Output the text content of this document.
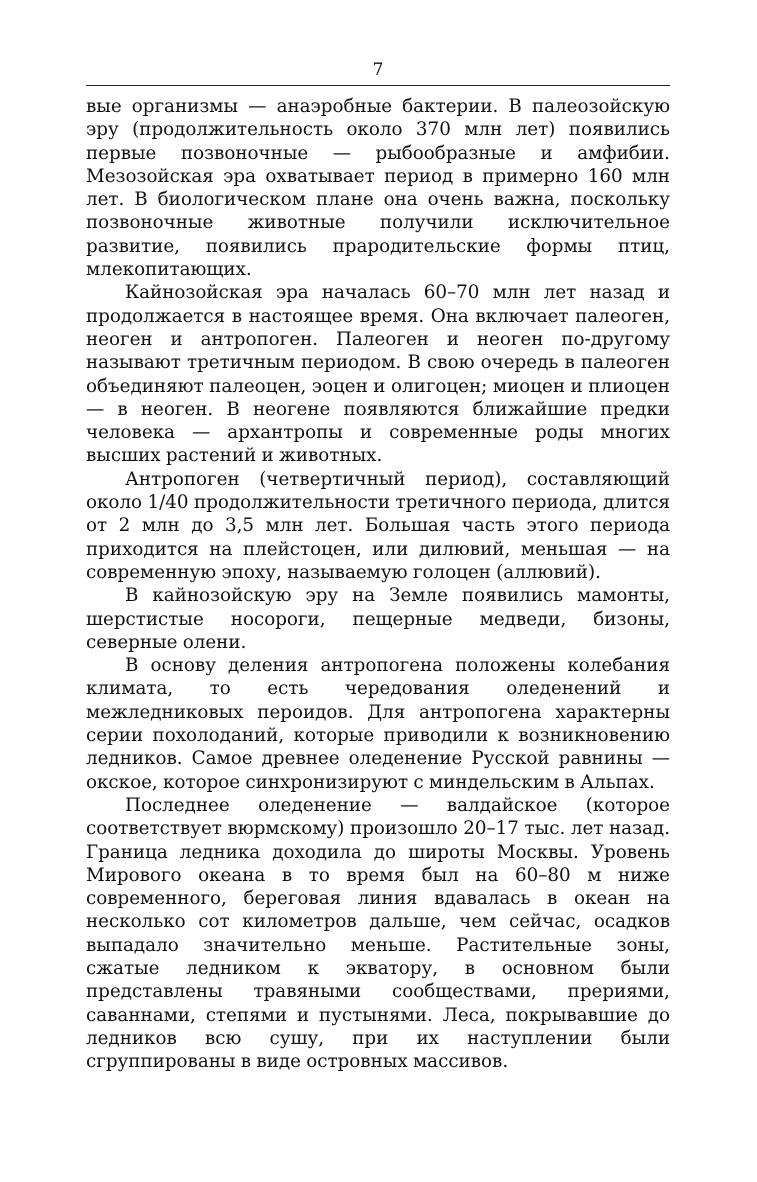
7

вые организмы — анаэробные бактерии. В палеозойскую эру (продолжительность около 370 млн лет) появились первые позвоночные — рыбообразные и амфибии. Мезозойская эра охватывает период в примерно 160 млн лет. В биологическом плане она очень важна, поскольку позвоночные животные получили исключительное развитие, появились прародительские формы птиц, млекопитающих.

Кайнозойская эра началась 60–70 млн лет назад и продолжается в настоящее время. Она включает палеоген, неоген и антропоген. Палеоген и неоген по-другому называют третичным периодом. В свою очередь в палеоген объединяют палеоцен, эоцен и олигоцен; миоцен и плиоцен — в неоген. В неогене появляются ближайшие предки человека — архантропы и современные роды многих высших растений и животных.

Антропоген (четвертичный период), составляющий около 1/40 продолжительности третичного периода, длится от 2 млн до 3,5 млн лет. Большая часть этого периода приходится на плейстоцен, или дилювий, меньшая — на современную эпоху, называемую голоцен (аллювий).

В кайнозойскую эру на Земле появились мамонты, шерстистые носороги, пещерные медведи, бизоны, северные олени.

В основу деления антропогена положены колебания климата, то есть чередования оледенений и межледниковых пероидов. Для антропогена характерны серии похолоданий, которые приводили к возникновению ледников. Самое древнее оледенение Русской равнины — окское, которое синхронизируют с миндельским в Альпах.

Последнее оледенение — валдайское (которое соответствует вюрмскому) произошло 20–17 тыс. лет назад. Граница ледника доходила до широты Москвы. Уровень Мирового океана в то время был на 60–80 м ниже современного, береговая линия вдавалась в океан на несколько сот километров дальше, чем сейчас, осадков выпадало значительно меньше. Растительные зоны, сжатые ледником к экватору, в основном были представлены травяными сообществами, прериями, саваннами, степями и пустынями. Леса, покрывавшие до ледников всю сушу, при их наступлении были сгруппированы в виде островных массивов.
